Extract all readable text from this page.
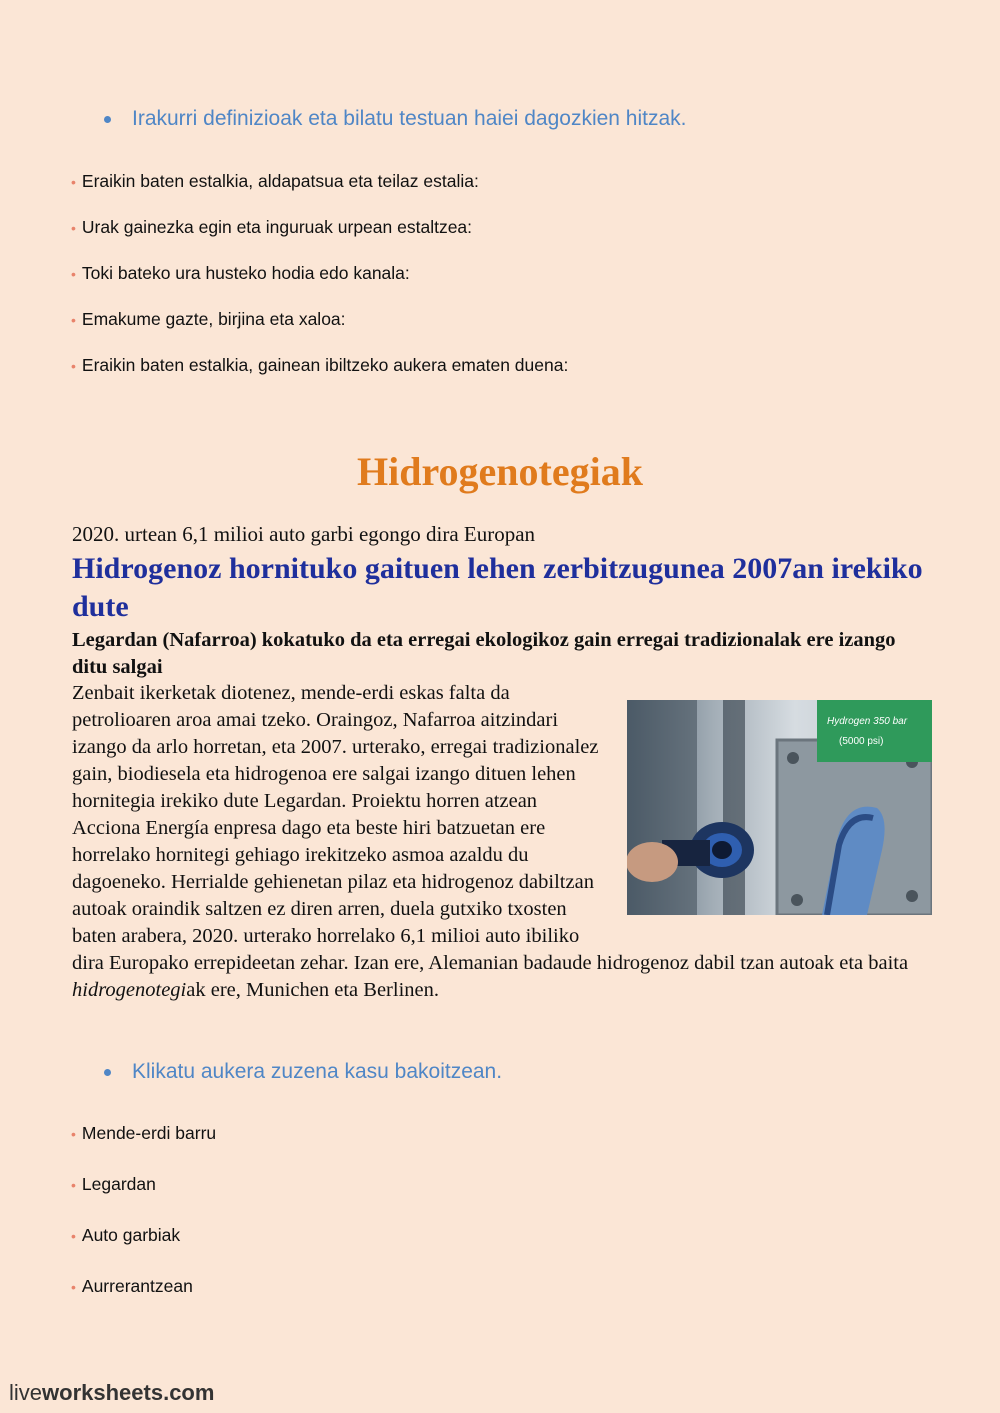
Irakurri definizioak eta bilatu testuan haiei dagozkien hitzak.
• Eraikin baten estalkia, aldapatsua eta teilaz estalia:
• Urak gainezka egin eta inguruak urpean estaltzea:
• Toki bateko ura husteko hodia edo kanala:
• Emakume gazte, birjina eta xaloa:
• Eraikin baten estalkia, gainean ibiltzeko aukera ematen duena:
Hidrogenotegiak
2020. urtean 6,1 milioi auto garbi egongo dira Europan
Hidrogenoz hornituko gaituen lehen zerbitzugunea 2007an irekiko dute
Legardan (Nafarroa) kokatuko da eta erregai ekologikoz gain erregai tradizionalak ere izango ditu salgai
Hydrogen 350 bar
(5000 psi)
Zenbait ikerketak diotenez, mende-erdi eskas falta da petrolioaren aroa amai tzeko. Oraingoz, Nafarroa aitzindari izango da arlo horretan, eta 2007. urterako, erregai tradizionalez gain, biodiesela eta hidrogenoa ere salgai izango dituen lehen hornitegia irekiko dute Legardan. Proiektu horren atzean Acciona Energía enpresa dago eta beste hiri batzuetan ere horrelako hornitegi gehiago irekitzeko asmoa azaldu du dagoeneko. Herrialde gehienetan pilaz eta hidrogenoz dabiltzan autoak oraindik saltzen ez diren arren, duela gutxiko txosten baten arabera, 2020. urterako horrelako 6,1 milioi auto ibiliko dira Europako errepideetan zehar. Izan ere, Alemanian badaude hidrogenoz dabil tzan autoak eta baita hidrogenotegiak ere, Munichen eta Berlinen.
Klikatu aukera zuzena kasu bakoitzean.
• Mende-erdi barru
• Legardan
• Auto garbiak
• Aurrerantzean
liveworksheets.com
